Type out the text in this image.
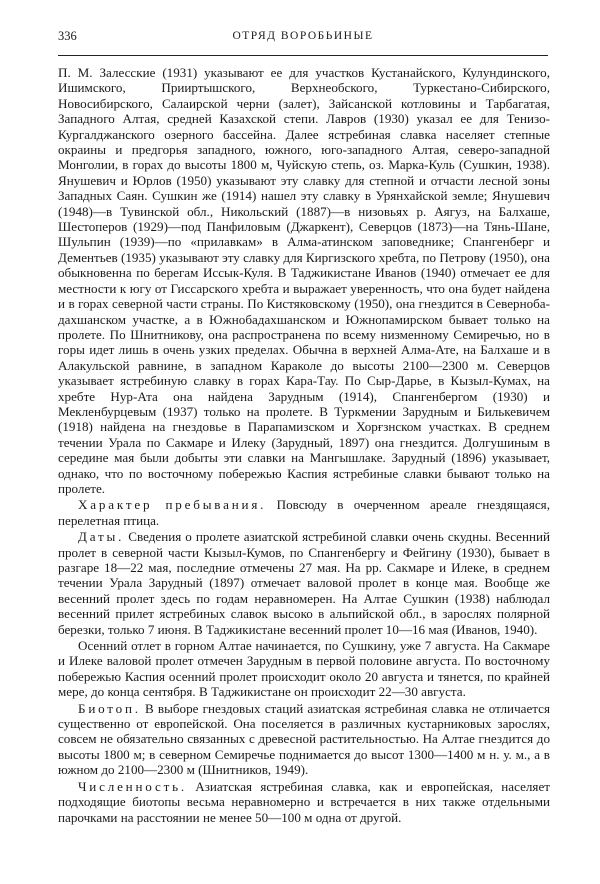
336	ОТРЯД ВОРОБЬИНЫЕ

П. М. Залесские (1931) указывают ее для участков Кустанайского, Кулундинского, Ишимского, Прииртышского, Верхнеобского, Туркестано-Сибирского, Новосибирского, Салаирской черни (залет), Зайсанской котловины и Тарбагатая, Западного Алтая, средней Казахской степи. Лавров (1930) указал ее для Тенизо-Кургалджанского озерного бассейна. Далее ястребиная славка населяет степные окраины и предгорья западного, южного, юго-западного Алтая, северо-западной Монголии, в горах до высоты 1800 м, Чуйскую степь, оз. Марка-Куль (Сушкин, 1938). Янушевич и Юрлов (1950) указывают эту славку для степной и отчасти лесной зоны Западных Саян. Сушкин же (1914) нашел эту славку в Урянхайской земле; Янушевич (1948)—в Тувинской обл., Никольский (1887)—в низовьях р. Аягуз, на Балхаше, Шестоперов (1929)—под Панфиловым (Джаркент), Северцов (1873)—на Тянь-Шане, Шульпин (1939)—по «прилавкам» в Алма-атинском заповеднике; Спангенберг и Дементьев (1935) указывают эту славку для Киргизского хребта, по Петрову (1950), она обыкновенна по берегам Иссык-Куля. В Таджикистане Иванов (1940) отмечает ее для местности к югу от Гиссарского хребта и выражает уверенность, что она будет найдена и в горах северной части страны. По Кистяковскому (1950), она гнездится в Севернобадахшанском участке, а в Южнобадахшанском и Южнопамирском бывает только на пролете. По Шнитникову, она распространена по всему низменному Семиречью, но в горы идет лишь в очень узких пределах. Обычна в верхней Алма-Ате, на Балхаше и в Алакульской равнине, в западном Караколе до высоты 2100—2300 м. Северцов указывает ястребиную славку в горах Кара-Тау. По Сыр-Дарье, в Кызыл-Кумах, на хребте Нур-Ата она найдена Зарудным (1914), Спангенбергом (1930) и Мекленбурцевым (1937) только на пролете. В Туркмении Зарудным и Билькевичем (1918) найдена на гнездовье в Парапамизском и Хорғзнском участках. В среднем течении Урала по Сакмаре и Илеку (Зарудный, 1897) она гнездится. Долгушиным в середине мая были добыты эти славки на Мангышлаке. Зарудный (1896) указывает, однако, что по восточному побережью Каспия ястребиные славки бывают только на пролете.

Характер пребывания. Повсюду в очерченном ареале гнездящаяся, перелетная птица.

Даты. Сведения о пролете азиатской ястребиной славки очень скудны. Весенний пролет в северной части Кызыл-Кумов, по Спангенбергу и Фейгину (1930), бывает в разгаре 18—22 мая, последние отмечены 27 мая. На рр. Сакмаре и Илеке, в среднем течении Урала Зарудный (1897) отмечает валовой пролет в конце мая. Вообще же весенний пролет здесь по годам неравномерен. На Алтае Сушкин (1938) наблюдал весенний прилет ястребиных славок высоко в альпийской обл., в зарослях полярной березки, только 7 июня. В Таджикистане весенний пролет 10—16 мая (Иванов, 1940).

Осенний отлет в горном Алтае начинается, по Сушкину, уже 7 августа. На Сакмаре и Илеке валовой пролет отмечен Зарудным в первой половине августа. По восточному побережью Каспия осенний пролет происходит около 20 августа и тянется, по крайней мере, до конца сентября. В Таджикистане он происходит 22—30 августа.

Биотоп. В выборе гнездовых стаций азиатская ястребиная славка не отличается существенно от европейской. Она поселяется в различных кустарниковых зарослях, совсем не обязательно связанных с древесной растительностью. На Алтае гнездится до высоты 1800 м; в северном Семиречье поднимается до высот 1300—1400 м н. у. м., а в южном до 2100—2300 м (Шнитников, 1949).

Численность. Азиатская ястребиная славка, как и европейская, населяет подходящие биотопы весьма неравномерно и встречается в них также отдельными парочками на расстоянии не менее 50—100 м одна от другой.
